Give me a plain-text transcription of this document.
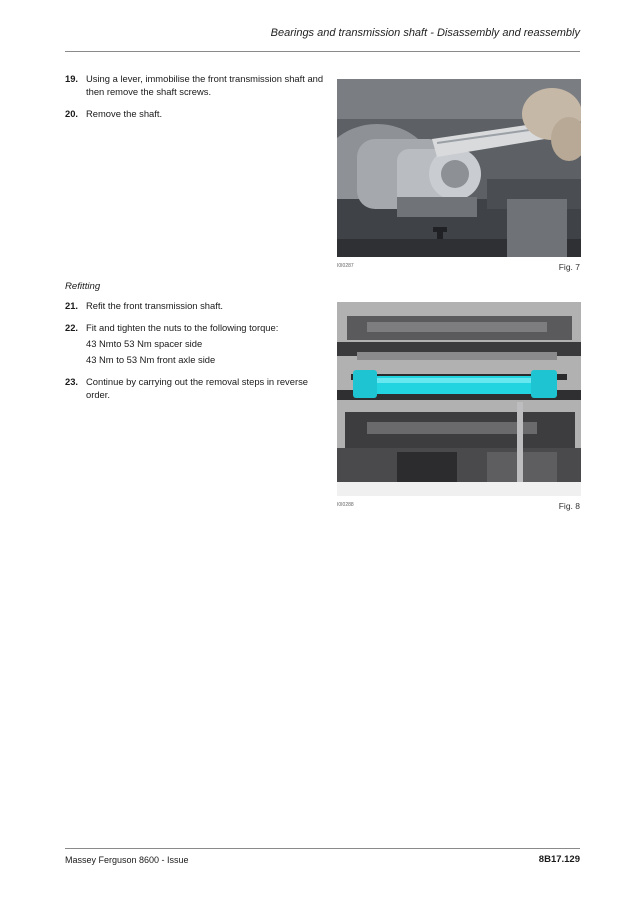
Bearings and transmission shaft - Disassembly and reassembly
19. Using a lever, immobilise the front transmission shaft and then remove the shaft screws.
20. Remove the shaft.
Refitting
21. Refit the front transmission shaft.
22. Fit and tighten the nuts to the following torque:
43 Nmto 53 Nm spacer side
43 Nm to 53 Nm front axle side
23. Continue by carrying out the removal steps in reverse order.
I0I0287	Fig. 7
I0I0288	Fig. 8
Massey Ferguson 8600 - Issue	8B17.129
